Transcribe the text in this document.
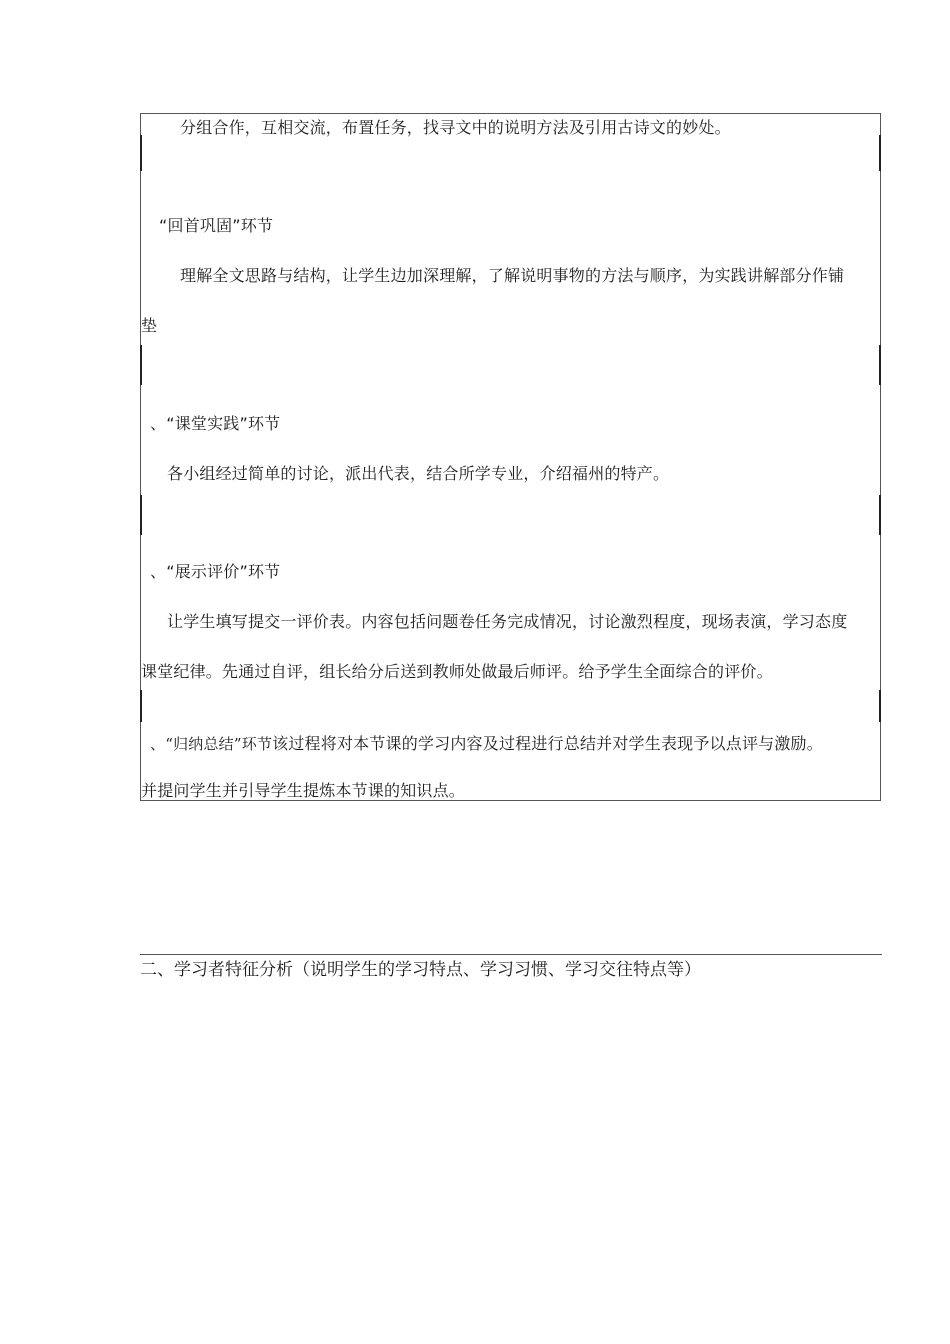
分组合作，互相交流，布置任务，找寻文中的说明方法及引用古诗文的妙处。
“回首巩固”环节
理解全文思路与结构，让学生边加深理解，了解说明事物的方法与顺序，为实践讲解部分作铺
垫
、“课堂实践”环节
各小组经过简单的讨论，派出代表，结合所学专业，介绍福州的特产。
、“展示评价”环节
让学生填写提交一评价表。内容包括问题卷任务完成情况，讨论激烈程度，现场表演，学习态度
课堂纪律。先通过自评，组长给分后送到教师处做最后师评。给予学生全面综合的评价。
、“归纳总结”环节该过程将对本节课的学习内容及过程进行总结并对学生表现予以点评与激励。
并提问学生并引导学生提炼本节课的知识点。
二、学习者特征分析（说明学生的学习特点、学习习惯、学习交往特点等）
